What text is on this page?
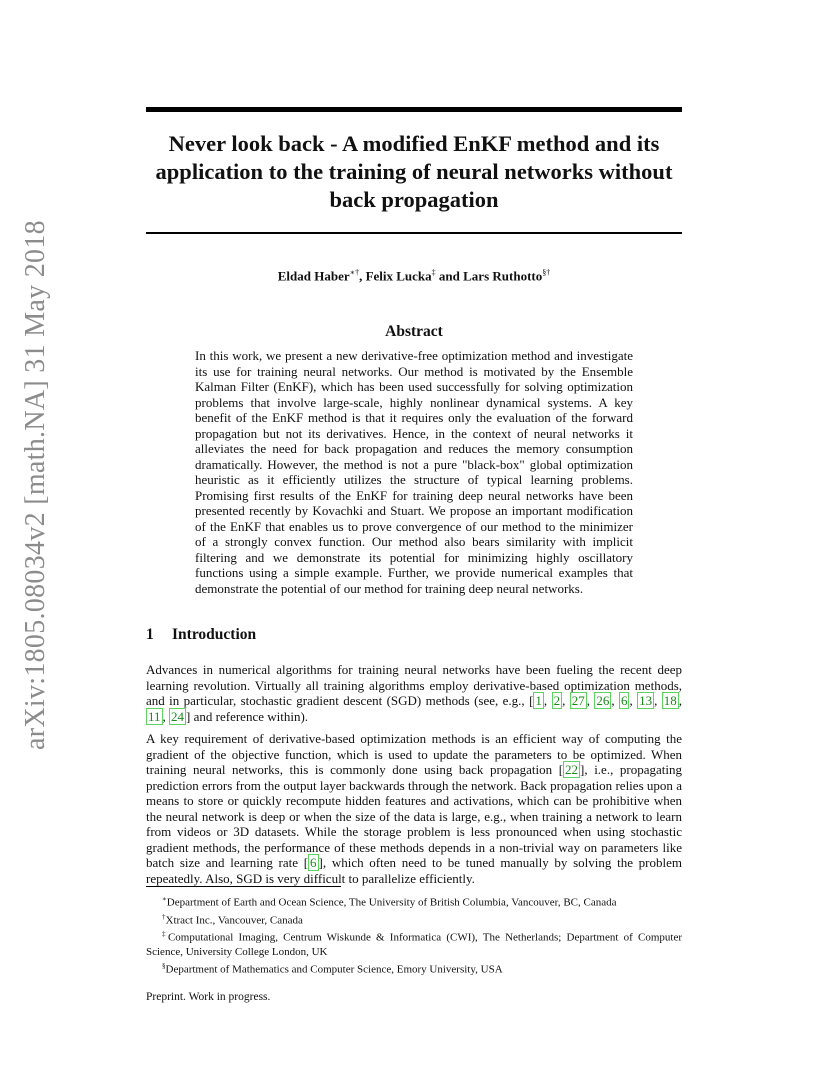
arXiv:1805.08034v2 [math.NA] 31 May 2018
Never look back - A modified EnKF method and its application to the training of neural networks without back propagation
Eldad Haber∗†, Felix Lucka‡ and Lars Ruthotto§†
Abstract

In this work, we present a new derivative-free optimization method and investigate its use for training neural networks. Our method is motivated by the Ensemble Kalman Filter (EnKF), which has been used successfully for solving optimization problems that involve large-scale, highly nonlinear dynamical systems. A key benefit of the EnKF method is that it requires only the evaluation of the forward propagation but not its derivatives. Hence, in the context of neural networks it alleviates the need for back propagation and reduces the memory consumption dramatically. However, the method is not a pure "black-box" global optimization heuristic as it efficiently utilizes the structure of typical learning problems. Promising first results of the EnKF for training deep neural networks have been presented recently by Kovachki and Stuart. We propose an important modification of the EnKF that enables us to prove convergence of our method to the minimizer of a strongly convex function. Our method also bears similarity with implicit filtering and we demonstrate its potential for minimizing highly oscillatory functions using a simple example. Further, we provide numerical examples that demonstrate the potential of our method for training deep neural networks.

1 Introduction

Advances in numerical algorithms for training neural networks have been fueling the recent deep learning revolution. Virtually all training algorithms employ derivative-based optimization methods, and in particular, stochastic gradient descent (SGD) methods (see, e.g., [ 1 , 2 , 27 , 26 , 6 , 13 , 18 , 11 , 24 ] and reference within).

A key requirement of derivative-based optimization methods is an efficient way of computing the gradient of the objective function, which is used to update the parameters to be optimized. When training neural networks, this is commonly done using back propagation [ 22 ], i.e., propagating prediction errors from the output layer backwards through the network. Back propagation relies upon a means to store or quickly recompute hidden features and activations, which can be prohibitive when the neural network is deep or when the size of the data is large, e.g., when training a network to learn from videos or 3D datasets. While the storage problem is less pronounced when using stochastic gradient methods, the performance of these methods depends in a non-trivial way on parameters like batch size and learning rate [ 6 ], which often need to be tuned manually by solving the problem repeatedly. Also, SGD is very difficult to parallelize efficiently.

∗Department of Earth and Ocean Science, The University of British Columbia, Vancouver, BC, Canada

†Xtract Inc., Vancouver, Canada

‡Computational Imaging, Centrum Wiskunde & Informatica (CWI), The Netherlands; Department of Computer Science, University College London, UK

§Department of Mathematics and Computer Science, Emory University, USA

Preprint. Work in progress.
